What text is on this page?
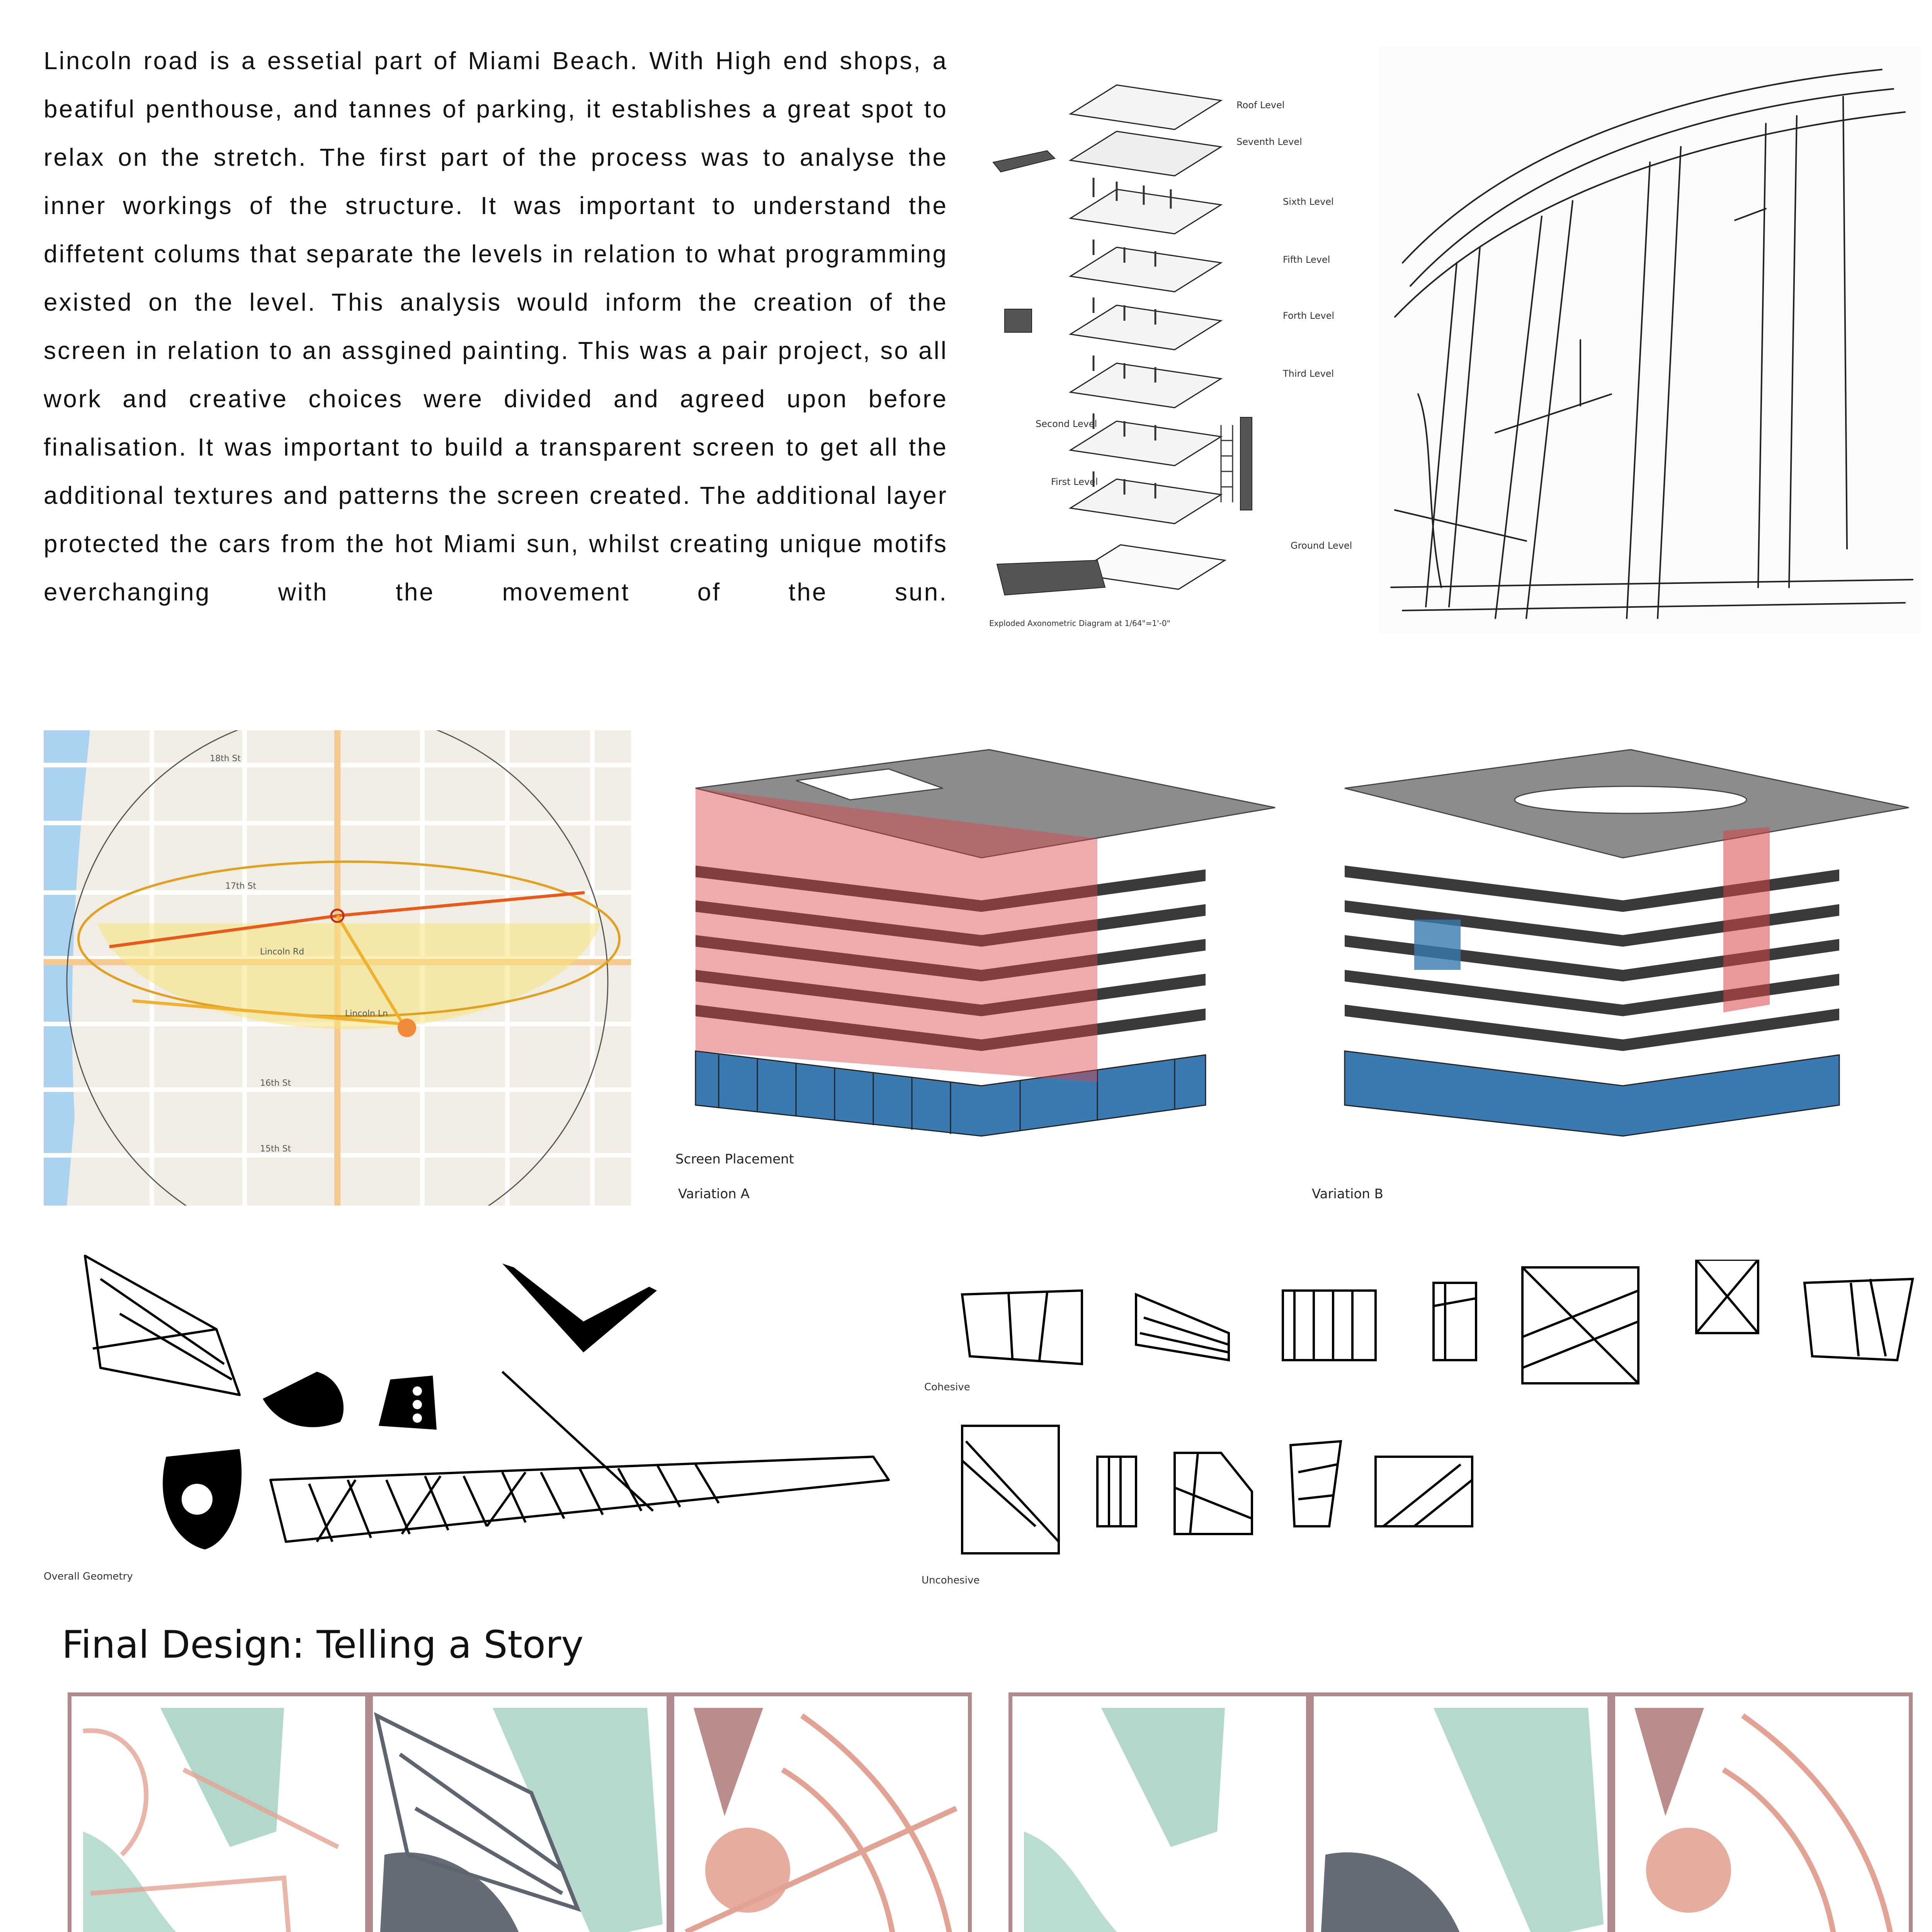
Lincoln road is a essetial part of Miami Beach. With High end shops, a beatiful penthouse, and tannes of parking, it establishes a great spot to relax on the stretch. The first part of the process was to analyse the inner workings of the structure. It was important to understand the diffetent colums that separate the levels in relation to what programming existed on the level. This analysis would inform the creation of the screen in relation to an assgined painting. This was a pair project, so all work and creative choices were divided and agreed upon before finalisation. It was important to build a transparent screen to get all the additional textures and patterns the screen created. The additional layer protected the cars from the hot Miami sun, whilst creating unique motifs everchanging with the movement of the sun.

Roof Level
Seventh Level
Sixth Level
Fifth Level
Forth Level
Third Level
Second Level
First Level
Ground Level
Exploded Axonometric Diagram at 1/64"=1'-0"
18th St
17th St
Lincoln Rd
Lincoln Ln
16th St
15th St
Screen Placement
Variation A	Variation B
Overall Geometry
Cohesive
Uncohesive
Final Design: Telling a Story
